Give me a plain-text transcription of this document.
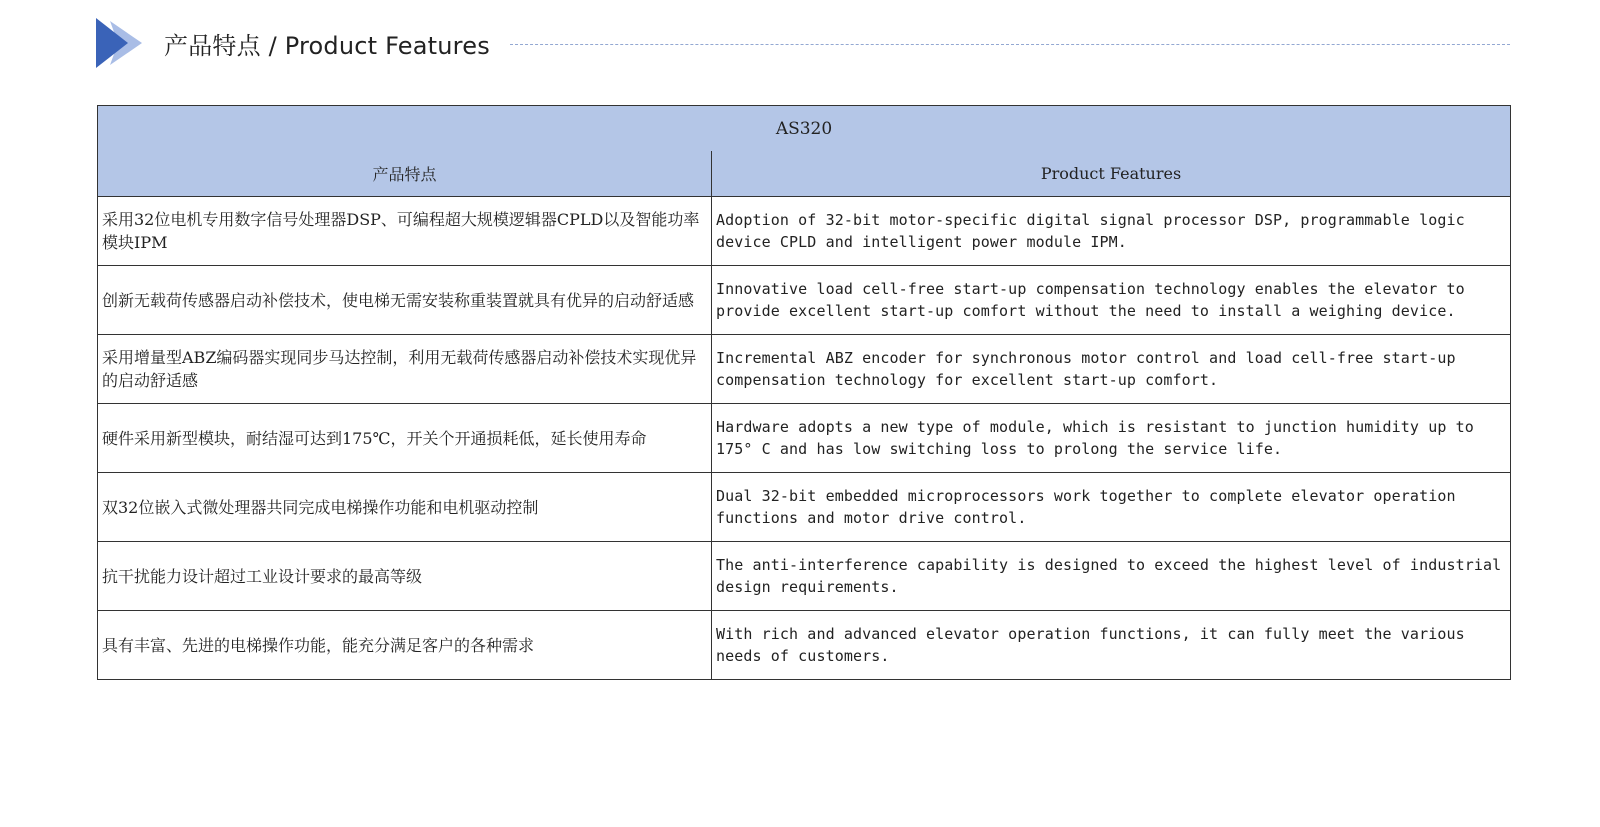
产品特点 / Product Features
AS320	
产品特点	Product Features
采用32位电机专用数字信号处理器DSP、可编程超大规模逻辑器CPLD以及智能功率模块IPM	Adoption of 32-bit motor-specific digital signal processor DSP, programmable logic device CPLD and intelligent power module IPM.
创新无载荷传感器启动补偿技术，使电梯无需安装称重装置就具有优异的启动舒适感	Innovative load cell-free start-up compensation technology enables the elevator to provide excellent start-up comfort without the need to install a weighing device.
采用增量型ABZ编码器实现同步马达控制，利用无载荷传感器启动补偿技术实现优异的启动舒适感	Incremental ABZ encoder for synchronous motor control and load cell-free start-up compensation technology for excellent start-up comfort.
硬件采用新型模块，耐结湿可达到175℃，开关个开通损耗低，延长使用寿命	Hardware adopts a new type of module, which is resistant to junction humidity up to 175° C and has low switching loss to prolong the service life.
双32位嵌入式微处理器共同完成电梯操作功能和电机驱动控制	Dual 32-bit embedded microprocessors work together to complete elevator operation functions and motor drive control.
抗干扰能力设计超过工业设计要求的最高等级	The anti-interference capability is designed to exceed the highest level of industrial design requirements.
具有丰富、先进的电梯操作功能，能充分满足客户的各种需求	With rich and advanced elevator operation functions, it can fully meet the various needs of customers.
